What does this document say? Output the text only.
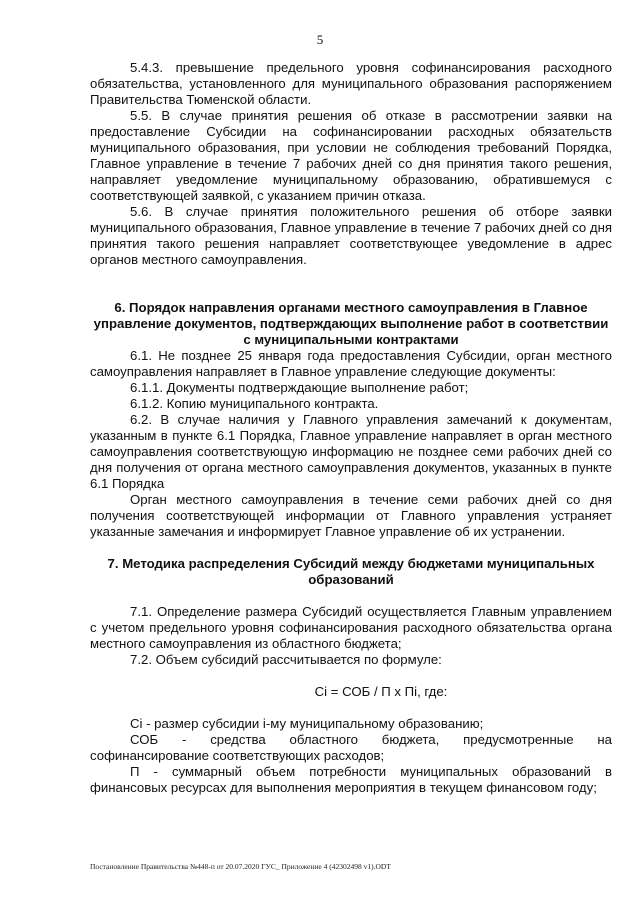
5

5.4.3. превышение предельного уровня софинансирования расходного обязательства, установленного для муниципального образования распоряжением Правительства Тюменской области.

5.5. В случае принятия решения об отказе в рассмотрении заявки на предоставление Субсидии на софинансировании расходных обязательств муниципального образования, при условии не соблюдения требований Порядка, Главное управление в течение 7 рабочих дней со дня принятия такого решения, направляет уведомление муниципальному образованию, обратившемуся с соответствующей заявкой, с указанием причин отказа.

5.6. В случае принятия положительного решения об отборе заявки муниципального образования, Главное управление в течение 7 рабочих дней со дня принятия такого решения направляет соответствующее уведомление в адрес органов местного самоуправления.

6. Порядок направления органами местного самоуправления в Главное управление документов, подтверждающих выполнение работ в соответствии с муниципальными контрактами

6.1. Не позднее 25 января года предоставления Субсидии, орган местного самоуправления направляет в Главное управление следующие документы:

6.1.1. Документы подтверждающие выполнение работ;

6.1.2. Копию муниципального контракта.

6.2. В случае наличия у Главного управления замечаний к документам, указанным в пункте 6.1 Порядка, Главное управление направляет в орган местного самоуправления соответствующую информацию не позднее семи рабочих дней со дня получения от органа местного самоуправления документов, указанных в пункте 6.1 Порядка

Орган местного самоуправления в течение семи рабочих дней со дня получения соответствующей информации от Главного управления устраняет указанные замечания и информирует Главное управление об их устранении.

7. Методика распределения Субсидий между бюджетами муниципальных образований

7.1. Определение размера Субсидий осуществляется Главным управлением с учетом предельного уровня софинансирования расходного обязательства органа местного самоуправления из областного бюджета;

7.2. Объем субсидий рассчитывается по формуле:

Ci = СОБ / П х Пi, где:

Ci - размер субсидии i-му муниципальному образованию;

СОБ - средства областного бюджета, предусмотренные на софинансирование соответствующих расходов;

П - суммарный объем потребности муниципальных образований в финансовых ресурсах для выполнения мероприятия в текущем финансовом году;

Постановление Правительства №448-п от 20.07.2020 ГУС_ Приложение 4 (42302498 v1).ODT
